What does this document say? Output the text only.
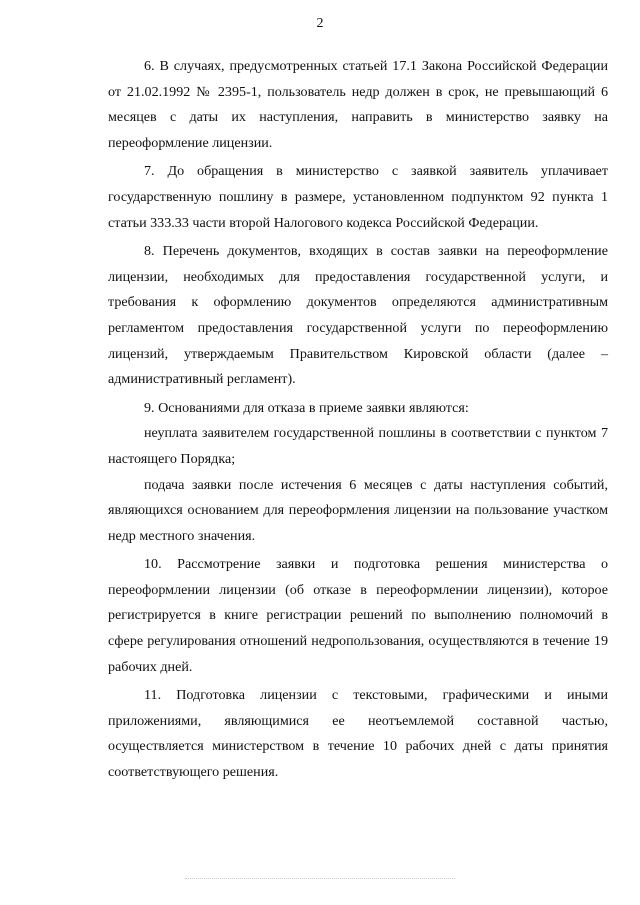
2

6. В случаях, предусмотренных статьей 17.1 Закона Российской Федерации от 21.02.1992 № 2395-1, пользователь недр должен в срок, не превышающий 6 месяцев с даты их наступления, направить в министерство заявку на переоформление лицензии.

7. До обращения в министерство с заявкой заявитель уплачивает государственную пошлину в размере, установленном подпунктом 92 пункта 1 статьи 333.33 части второй Налогового кодекса Российской Федерации.

8. Перечень документов, входящих в состав заявки на переоформление лицензии, необходимых для предоставления государственной услуги, и требования к оформлению документов определяются административным регламентом предоставления государственной услуги по переоформлению лицензий, утверждаемым Правительством Кировской области (далее – административный регламент).

9. Основаниями для отказа в приеме заявки являются:

неуплата заявителем государственной пошлины в соответствии с пунктом 7 настоящего Порядка;

подача заявки после истечения 6 месяцев с даты наступления событий, являющихся основанием для переоформления лицензии на пользование участком недр местного значения.

10. Рассмотрение заявки и подготовка решения министерства о переоформлении лицензии (об отказе в переоформлении лицензии), которое регистрируется в книге регистрации решений по выполнению полномочий в сфере регулирования отношений недропользования, осуществляются в течение 19 рабочих дней.

11. Подготовка лицензии с текстовыми, графическими и иными приложениями, являющимися ее неотъемлемой составной частью, осуществляется министерством в течение 10 рабочих дней с даты принятия соответствующего решения.
